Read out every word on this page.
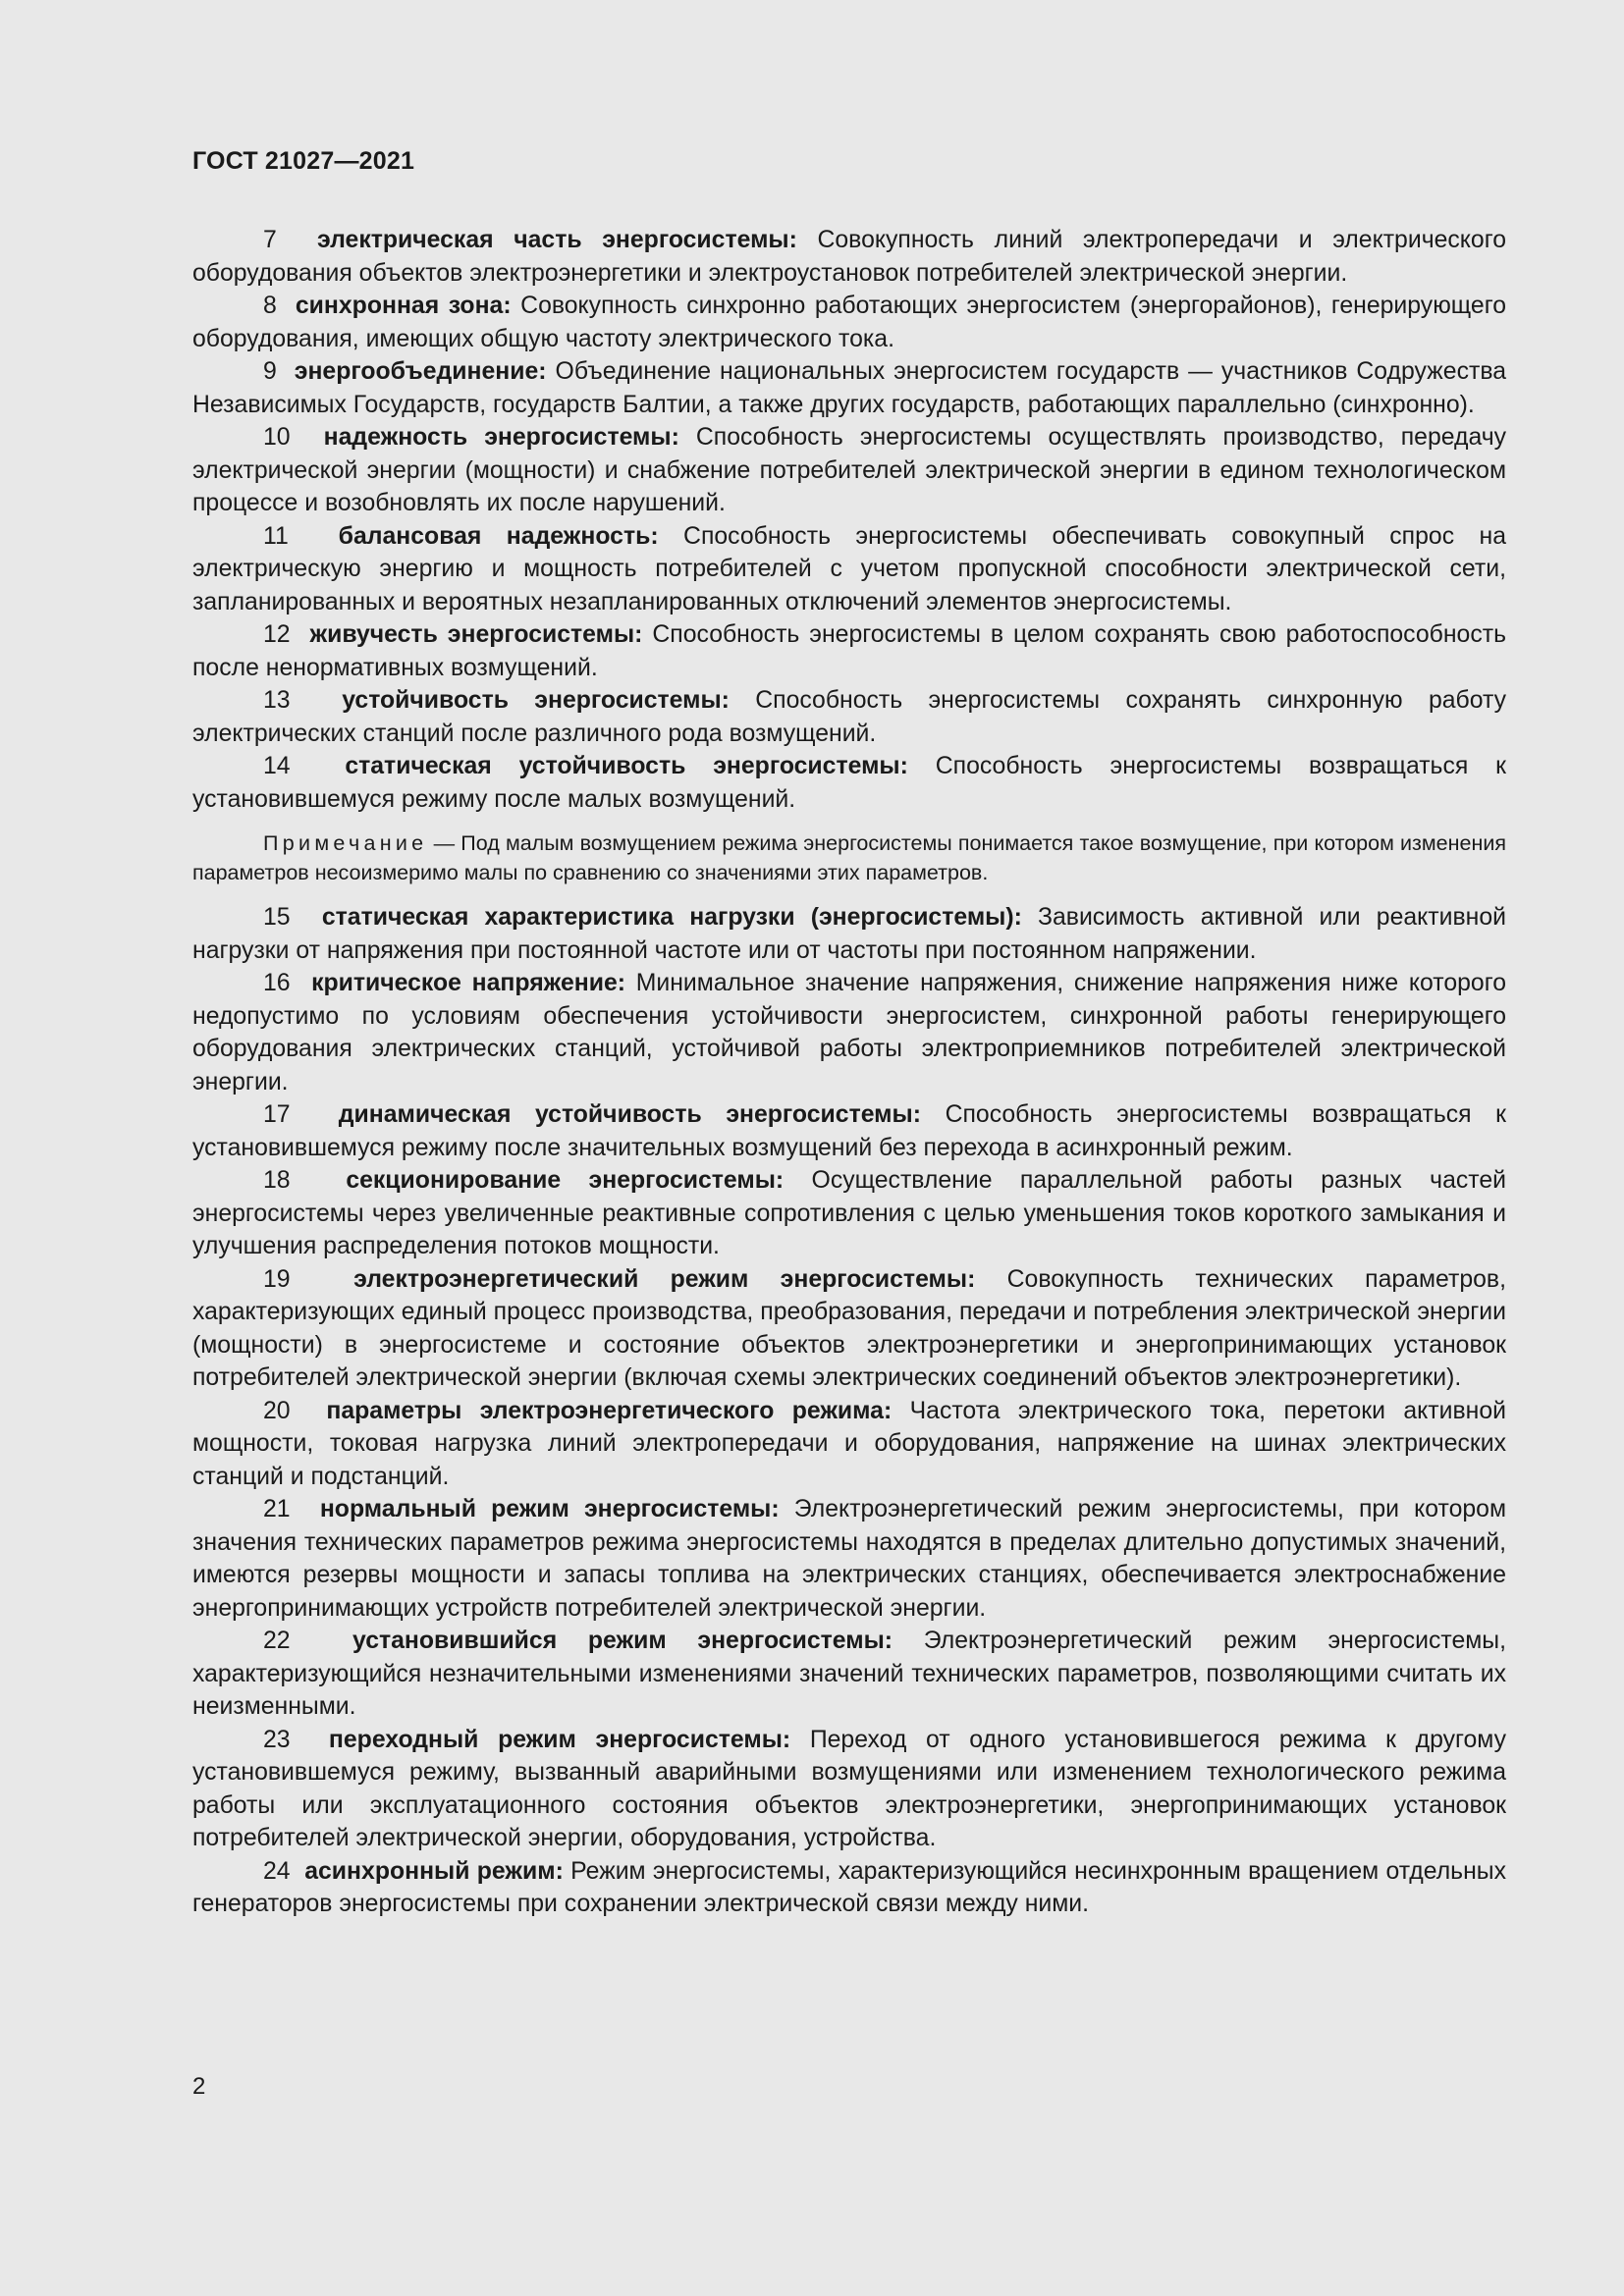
ГОСТ 21027—2021

7 электрическая часть энергосистемы: Совокупность линий электропередачи и электрического оборудования объектов электроэнергетики и электроустановок потребителей электрической энергии.

8 синхронная зона: Совокупность синхронно работающих энергосистем (энергорайонов), генерирующего оборудования, имеющих общую частоту электрического тока.

9 энергообъединение: Объединение национальных энергосистем государств — участников Содружества Независимых Государств, государств Балтии, а также других государств, работающих параллельно (синхронно).

10 надежность энергосистемы: Способность энергосистемы осуществлять производство, передачу электрической энергии (мощности) и снабжение потребителей электрической энергии в едином технологическом процессе и возобновлять их после нарушений.

11 балансовая надежность: Способность энергосистемы обеспечивать совокупный спрос на электрическую энергию и мощность потребителей с учетом пропускной способности электрической сети, запланированных и вероятных незапланированных отключений элементов энергосистемы.

12 живучесть энергосистемы: Способность энергосистемы в целом сохранять свою работоспособность после ненормативных возмущений.

13 устойчивость энергосистемы: Способность энергосистемы сохранять синхронную работу электрических станций после различного рода возмущений.

14 статическая устойчивость энергосистемы: Способность энергосистемы возвращаться к установившемуся режиму после малых возмущений.

Примечание — Под малым возмущением режима энергосистемы понимается такое возмущение, при котором изменения параметров несоизмеримо малы по сравнению со значениями этих параметров.

15 статическая характеристика нагрузки (энергосистемы): Зависимость активной или реактивной нагрузки от напряжения при постоянной частоте или от частоты при постоянном напряжении.

16 критическое напряжение: Минимальное значение напряжения, снижение напряжения ниже которого недопустимо по условиям обеспечения устойчивости энергосистем, синхронной работы генерирующего оборудования электрических станций, устойчивой работы электроприемников потребителей электрической энергии.

17 динамическая устойчивость энергосистемы: Способность энергосистемы возвращаться к установившемуся режиму после значительных возмущений без перехода в асинхронный режим.

18 секционирование энергосистемы: Осуществление параллельной работы разных частей энергосистемы через увеличенные реактивные сопротивления с целью уменьшения токов короткого замыкания и улучшения распределения потоков мощности.

19	электроэнергетический режим энергосистемы: Совокупность технических параметров, характеризующих единый процесс производства, преобразования, передачи и потребления электрической энергии (мощности) в энергосистеме и состояние объектов электроэнергетики и энергопринимающих установок потребителей электрической энергии (включая схемы электрических соединений объектов электроэнергетики).

20 параметры электроэнергетического режима: Частота электрического тока, перетоки активной мощности, токовая нагрузка линий электропередачи и оборудования, напряжение на шинах электрических станций и подстанций.

21 нормальный режим энергосистемы: Электроэнергетический режим энергосистемы, при котором значения технических параметров режима энергосистемы находятся в пределах длительно допустимых значений, имеются резервы мощности и запасы топлива на электрических станциях, обеспечивается электроснабжение энергопринимающих устройств потребителей электрической энергии.

22	установившийся режим энергосистемы: Электроэнергетический режим энергосистемы, характеризующийся незначительными изменениями значений технических параметров, позволяющими считать их неизменными.

23 переходный режим энергосистемы: Переход от одного установившегося режима к другому установившемуся режиму, вызванный аварийными возмущениями или изменением технологического режима работы или эксплуатационного состояния объектов электроэнергетики, энергопринимающих установок потребителей электрической энергии, оборудования, устройства.

24 асинхронный режим: Режим энергосистемы, характеризующийся несинхронным вращением отдельных генераторов энергосистемы при сохранении электрической связи между ними.

2
